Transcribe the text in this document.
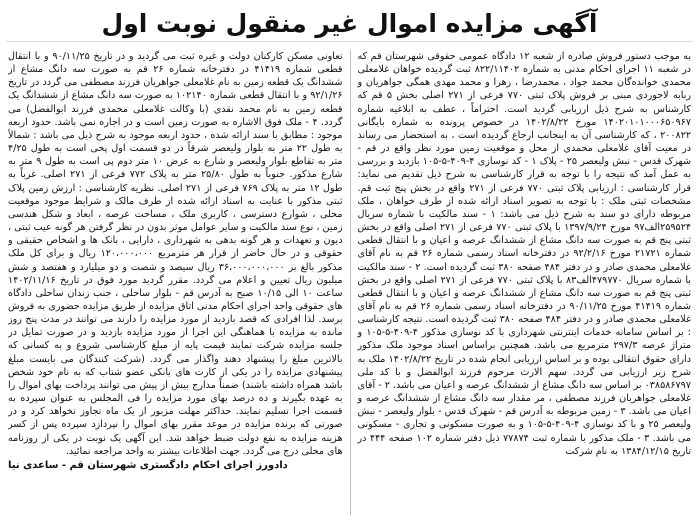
آگهی مزایده اموال غیر منقول نوبت اول

به موجب دستور فروش صادره از شعبه ۱۲ دادگاه عمومی حقوقی شهرستان قم که در شعبه ۱۱ اجرای احکام مدنی به شماره ۸۲۲/۱۱۴۰۲ ثبت گردیده خواهان غلامعلی محمدی خوانده‌گان محمد جواد ، محمدرضا ، زهرا و محمد مهدی همگی جواهریان و ربابه لاجوردی مبنی بر فروش پلاک ثبتی ۷۷۰ فرعی از ۲۷۱ اصلی بخش ۵ قم که کارشناس به شرح ذیل ارزیابی گردید است. احتراماً ، عطف به ابلاغیه شماره ۱۴۰۲۰۱۰۱۰۰۰۶۵۰۹۶۷ مورخ ۱۴۰۲/۸/۲۲ در خصوص پرونده به شماره بایگانی ۲۰۰۸۲۲ ، که کارشناسی آن به اینجانب ارجاع گردیده است ، به استحضار می رساند در معیت آقای غلامعلی محمدی از محل و موقعیت زمین مورد نظر واقع در قم - شهرک قدس - نبش ولیعصر ۲۵ - پلاک ۱ - کد نوسازی ۴-۴۰۹-۵-۱۰۵ بازدید و بررسی به عمل آمد که نتیجه را با توجه به قرار کارشناسی به شرح ذیل تقدیم می نماید: قرار کارشناسی : ارزیابی پلاک ثبتی ۷۷۰ فرعی از ۲۷۱ واقع در بخش پنج ثبت قم. مشخصات ثبتی ملک : با توجه به تصویر اسناد ارائه شده از طرف خواهان ، ملک مربوطه دارای دو سند به شرح ذیل می باشد: ۱ - سند مالکیت با شماره سریال ۲۵۹۵۲۴الف۹۷ مورخ ۱۳۹۷/۹/۲۴ با پلاک ثبتی ۷۷۰ فرعی از ۲۷۱ اصلی واقع در بخش ثبتی پنج قم به صورت سه دانگ مشاع از ششدانگ عرصه و اعیان و با انتقال قطعی شماره ۲۱۷۲۱ مورخ ۹۲/۲/۱۶ در دفترخانه اسناد رسمی شماره ۲۶ قم به نام آقای غلامعلی محمدی صادر و در دفتر ۴۸۴ صفحه ۳۸۰ ثبت گردیده است. ۲ - سند مالکیت با شماره سریال ۴۷۹۷۷۰الف۸۳ با پلاک ثبتی ۷۷۰ فرعی از ۲۷۱ اصلی واقع در بخش ثبتی پنج قم به صورت سه دانگ مشاع از ششدانگ عرصه و اعیان و با انتقال قطعی شماره ۴۱۴۱۹ مورخ ۹۰/۱۱/۲۵ در دفترخانه اسناد رسمی شماره ۲۶ قم به نام آقای غلامعلی محمدی صادر و در دفتر ۴۸۴ صفحه ۳۸۰ ثبت گردیده است. نتیجه کارشناسی : بر اساس سامانه خدمات اینترنتی شهرداری با کد نوسازی مذکور ۴-۴۰۹-۵-۱۰۵ و متراژ عرصه ۲۹۷/۳ مترمربع می باشد. همچنین براساس اسناد موجود ملک مذکور دارای حقوق انتقالی بوده و بر اساس ارزیابی انجام شده در تاریخ ۱۴۰۲/۸/۲۲ ملک به شرح زیر ارزیابی می گردد. سهم الارث مرحوم فرزند ابوالفضل و با کد ملی ۰۳۸۵۸۶۷۹۷ بر اساس سه دانگ مشاع از ششدانگ عرصه و اعیان می باشد. ۲ - آقای غلامعلی جواهریان فرزند مصطفی ، مر مقدار سه دانگ مشاع از ششدانگ عرصه و اعیان می باشد. ۳ - زمین مربوطه به آدرس قم - شهرک قدس - بلوار ولیعصر - نبش ولیعصر ۲۵ و با کد نوسازی ۴-۴۰۹-۵-۱۰۵ و به صورت مسکونی و تجاری - مسکونی می باشد. ۳ - ملک مذکور با شماره ثبت ۷۷۸۷۴ ذیل دفتر شماره ۱۰۲ صفحه ۴۴۴ در تاریخ ۱۳۸۴/۱۲/۱۵ به نام شرکت

تعاونی مسکن کارکنان دولت و غیره ثبت می گردید و در تاریخ ۹۰/۱۱/۲۵ و با انتقال قطعی شماره ۴۱۴۱۹ در دفترخانه شماره ۲۶ قم به صورت سه دانگ مشاع از ششدانگ یک قطعه زمین به نام غلامعلی جواهریان فرزند مصطفی می گردد در تاریخ ۹۲/۱/۲۶ و با انتقال قطعی شماره ۱۰۲۱۴۰ به صورت سه دانگ مشاع از ششدانگ یک قطعه زمین به نام محمد نقدی (با وکالت غلامعلی محمدی فرزند ابوالفضل) می گردد. ۴ - ملک فوق الاشاره به صورت زمین است و در اجاره نمی باشد. حدود اربعه موجود : مطابق با سند ارائه شده ، حدود اربعه موجود به شرح ذیل می باشد : شمالاً به طول ۲۲ متر به بلوار ولیعصر شرقاً در دو قسمت اول پخی است به طول ۴/۲۵ متر به تقاطع بلوار ولیعصر و شارع به عرض ۱۰ متر دوم پی است به طول ۹ متر به شارع مذکور. جنوباً به طول ۲۵/۸۰ متر به پلاک ۷۷۲ فرعی از ۲۷۱ اصلی. غرباً به طول ۱۲ متر به پلاک ۷۶۹ فرعی از ۲۷۱ اصلی. نظریه کارشناسی : ارزش زمین پلاک ثبتی مذکور با عنایت به اسناد ارائه شده از طرف مالک و شرایط موجود موقعیت محلی ، شوارع دسترسی ، کاربری ملک ، مساحت عرصه ، ابعاد و شکل هندسی زمین ، نوع سند مالکیت و سایر عوامل موثر بدون در نظر گرفتن هر گونه عیب ثبتی ، دیون و تعهدات و هر گونه بدهی به شهرداری ، دارایی ، بانک ها و اشخاص حقیقی و حقوقی و در حال حاضر از قرار هر مترمربع ۱۲۰،۰۰۰،۰۰۰ ریال و برای کل ملک مذکور بالغ بر ۳۶،۰۰۰،۰۰۰،۰۰۰ ریال سیصد و شصت و دو میلیارد و هفتصد و شش میلیون ریال تعیین و اعلام می گردد. مقرر گردید مورد فوق در تاریخ ۱۴۰۲/۱۱/۱۶ ساعت ۱۰ الی ۱۰/۱۵ صبح به آدرس قم - بلوار ساحلی ، جنب زندان ساحلی دادگاه های حقوقی واحد اجرای احکام مدنی اتاق مزایده از طریق مزایده حضوری به فروش برسد. لذا افرادی که قصد بازدید از مورد مزایده را دارند می توانند در مدت پنج روز مانده به مزایده با هماهنگی این اجرا از مورد مزایده بازدید و در صورت تمایل در جلسه مزایده شرکت نمایند قیمت پایه از مبلغ کارشناسی شروع و به کسانی که بالاترین مبلغ را پیشنهاد دهند واگذار می گردد. (شرکت کنندگان می بایست مبلغ پیشنهادی مزایده را در یکی از کارت های بانکی عضو شتاب که به نام خود شخص باشد همراه داشته باشند) ضمناً مدارج بیش از پیش می توانند پرداخت بهای اموال را به عهده بگیرند و ده درصد بهای مورد مزایده را فی المجلس به عنوان سپرده به قسمت اجرا تسلیم نمایند. حداکثر مهلت مزبور از یک ماه تجاوز نخواهد کرد و در صورتی که برنده مزایده در موعد مقرر بهای اموال را نپردازد سپرده پس از کسر هزینه مزایده به نفع دولت ضبط خواهد شد. این آگهی یک نوبت در یکی از روزنامه های محلی درج می گردد. جهت اطلاعات بیشتر به واحد مراجعه نمائید.

دادورز اجرای احکام دادگستری شهرستان قم - ساعدی نیا
